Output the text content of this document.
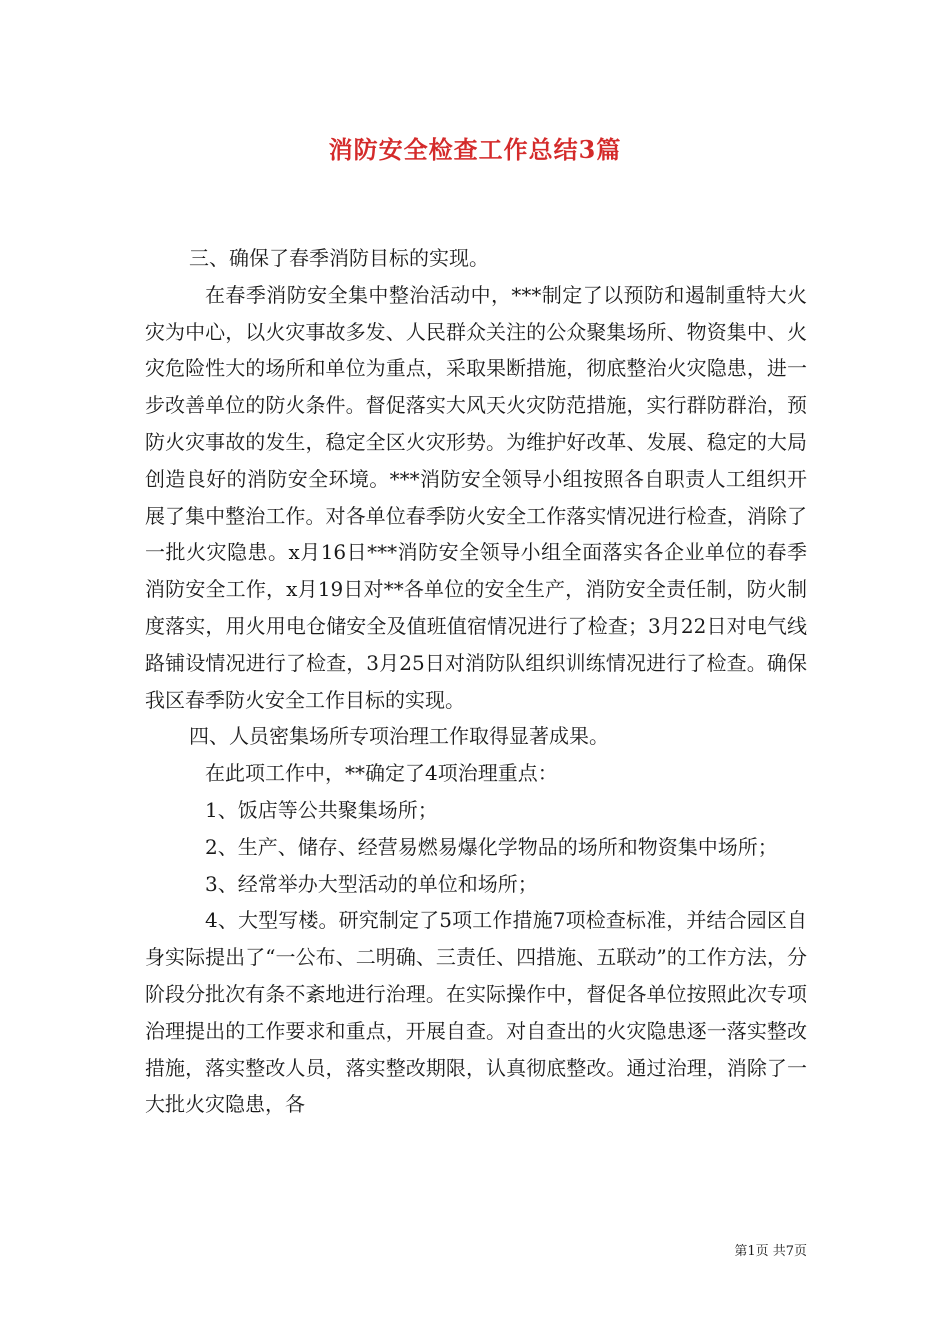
消防安全检查工作总结3篇

三、确保了春季消防目标的实现。

在春季消防安全集中整治活动中，***制定了以预防和遏制重特大火灾为中心，以火灾事故多发、人民群众关注的公众聚集场所、物资集中、火灾危险性大的场所和单位为重点，采取果断措施，彻底整治火灾隐患，进一步改善单位的防火条件。督促落实大风天火灾防范措施，实行群防群治，预防火灾事故的发生，稳定全区火灾形势。为维护好改革、发展、稳定的大局创造良好的消防安全环境。***消防安全领导小组按照各自职责人工组织开展了集中整治工作。对各单位春季防火安全工作落实情况进行检查，消除了一批火灾隐患。x月16日***消防安全领导小组全面落实各企业单位的春季消防安全工作，x月19日对**各单位的安全生产，消防安全责任制，防火制度落实，用火用电仓储安全及值班值宿情况进行了检查；3月22日对电气线路铺设情况进行了检查，3月25日对消防队组织训练情况进行了检查。确保我区春季防火安全工作目标的实现。

四、人员密集场所专项治理工作取得显著成果。

在此项工作中，**确定了4项治理重点：

1、饭店等公共聚集场所；

2、生产、储存、经营易燃易爆化学物品的场所和物资集中场所；

3、经常举办大型活动的单位和场所；

4、大型写楼。研究制定了5项工作措施7项检查标准，并结合园区自身实际提出了“一公布、二明确、三责任、四措施、五联动”的工作方法，分阶段分批次有条不紊地进行治理。在实际操作中，督促各单位按照此次专项治理提出的工作要求和重点，开展自查。对自查出的火灾隐患逐一落实整改措施，落实整改人员，落实整改期限，认真彻底整改。通过治理，消除了一大批火灾隐患，各

第1页 共7页
